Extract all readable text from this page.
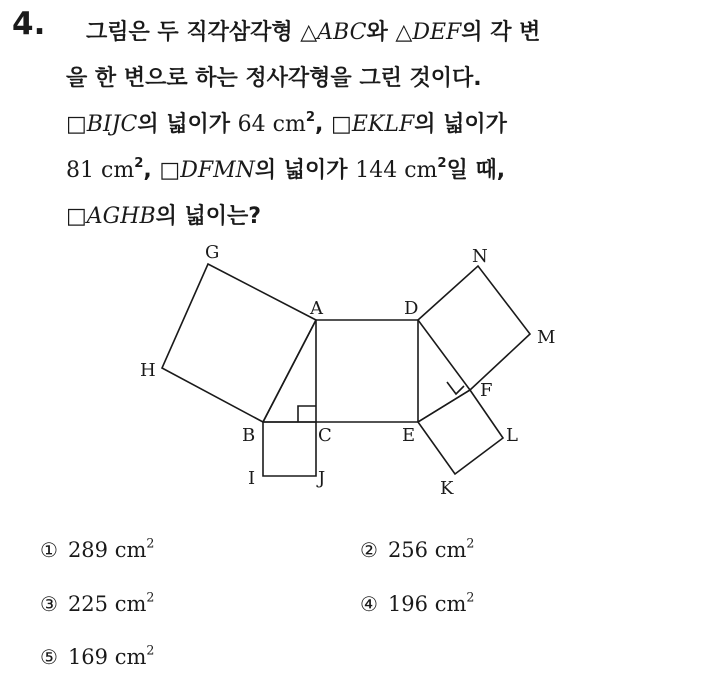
4. 그림은 두 직각삼각형 △ABC와 △DEF의 각 변
을 한 변으로 하는 정사각형을 그린 것이다.
□BIJC의 넓이가 64 $cm^2$, □EKLF의 넓이가
81 $cm^2$, □DFMN의 넓이가 144 $cm^2$일 때,
□AGHB의 넓이는?
G	N
A	D
M
H
F
B	C	E	L
I	J	K
① 289 $cm^2$	② 256 $cm^2$
③ 225 $cm^2$	④ 196 $cm^2$
⑤ 169 $cm^2$
